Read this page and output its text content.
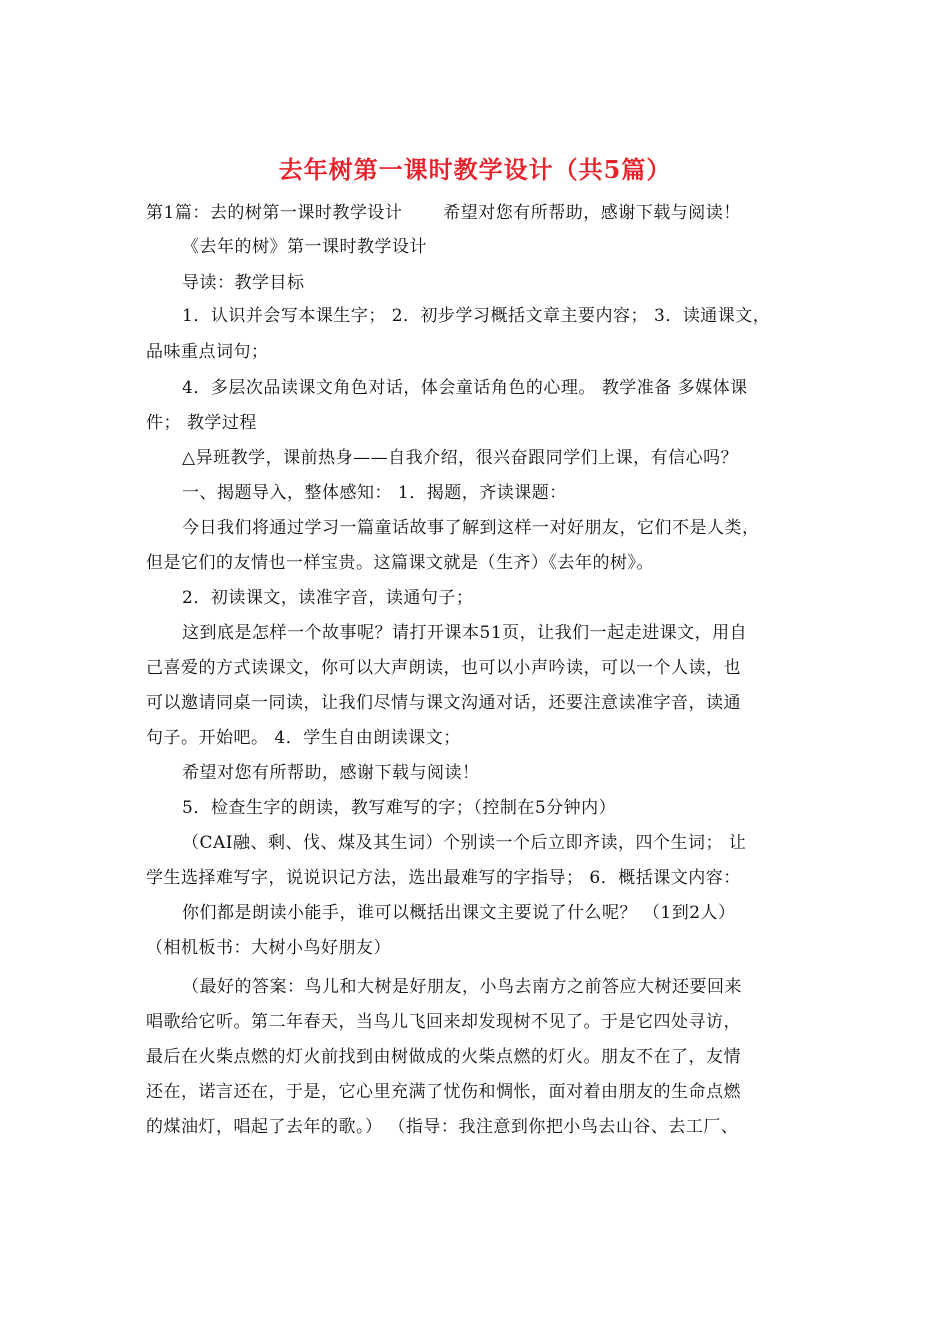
去年树第一课时教学设计（共5篇）
第1篇：去的树第一课时教学设计　　 希望对您有所帮助，感谢下载与阅读！
《去年的树》第一课时教学设计
导读：教学目标
1．认识并会写本课生字； 2．初步学习概括文章主要内容； 3．读通课文，
品味重点词句；
4．多层次品读课文角色对话，体会童话角色的心理。 教学准备 多媒体课
件； 教学过程
△异班教学，课前热身——自我介绍，很兴奋跟同学们上课，有信心吗？
一、揭题导入，整体感知： 1．揭题，齐读课题：
今日我们将通过学习一篇童话故事了解到这样一对好朋友，它们不是人类，
但是它们的友情也一样宝贵。这篇课文就是（生齐）《去年的树》。
2．初读课文，读准字音，读通句子；
这到底是怎样一个故事呢？请打开课本51页，让我们一起走进课文，用自
己喜爱的方式读课文，你可以大声朗读，也可以小声吟读，可以一个人读，也
可以邀请同桌一同读，让我们尽情与课文沟通对话，还要注意读准字音，读通
句子。开始吧。 4．学生自由朗读课文；
希望对您有所帮助，感谢下载与阅读！
5．检查生字的朗读，教写难写的字；（控制在5分钟内）
（CAI融、剩、伐、煤及其生词）个别读一个后立即齐读，四个生词； 让
学生选择难写字，说说识记方法，选出最难写的字指导； 6．概括课文内容：
你们都是朗读小能手，谁可以概括出课文主要说了什么呢？ （1到2人）
（相机板书：大树小鸟好朋友）
（最好的答案：鸟儿和大树是好朋友，小鸟去南方之前答应大树还要回来
唱歌给它听。第二年春天，当鸟儿飞回来却发现树不见了。于是它四处寻访，
最后在火柴点燃的灯火前找到由树做成的火柴点燃的灯火。朋友不在了，友情
还在，诺言还在，于是，它心里充满了忧伤和惆怅，面对着由朋友的生命点燃
的煤油灯，唱起了去年的歌。） （指导：我注意到你把小鸟去山谷、去工厂、
